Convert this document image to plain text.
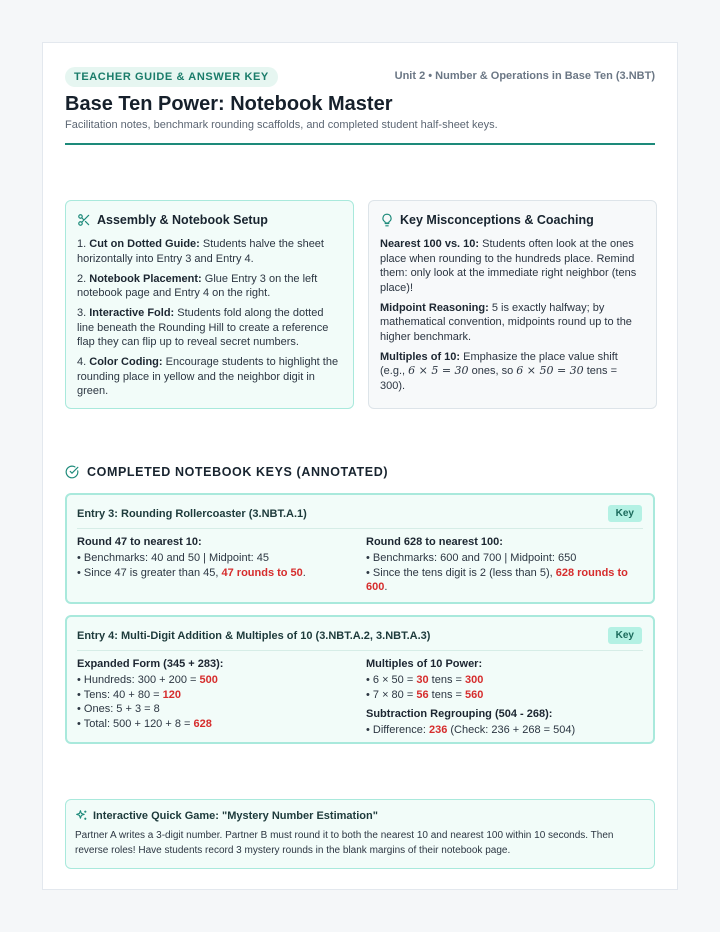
TEACHER GUIDE & ANSWER KEY	Unit 2 • Number & Operations in Base Ten (3.NBT)
Base Ten Power: Notebook Master
Facilitation notes, benchmark rounding scaffolds, and completed student half-sheet keys.
Assembly & Notebook Setup

1. Cut on Dotted Guide: Students halve the sheet horizontally into Entry 3 and Entry 4.

2. Notebook Placement: Glue Entry 3 on the left notebook page and Entry 4 on the right.

3. Interactive Fold: Students fold along the dotted line beneath the Rounding Hill to create a reference flap they can flip up to reveal secret numbers.

4. Color Coding: Encourage students to highlight the rounding place in yellow and the neighbor digit in green.

Key Misconceptions & Coaching

Nearest 100 vs. 10: Students often look at the ones place when rounding to the hundreds place. Remind them: only look at the immediate right neighbor (tens place)!

Midpoint Reasoning: 5 is exactly halfway; by mathematical convention, midpoints round up to the higher benchmark.

Multiples of 10: Emphasize the place value shift (e.g., 6 × 5 = 30 ones, so 6 × 50 = 30 tens = 300).

COMPLETED NOTEBOOK KEYS (ANNOTATED)
Entry 3: Rounding Rollercoaster (3.NBT.A.1)	Key
Round 47 to nearest 10:
• Benchmarks: 40 and 50 | Midpoint: 45
• Since 47 is greater than 45, 47 rounds to 50.
Round 628 to nearest 100:
• Benchmarks: 600 and 700 | Midpoint: 650
• Since the tens digit is 2 (less than 5), 628 rounds to 600.
Entry 4: Multi-Digit Addition & Multiples of 10 (3.NBT.A.2, 3.NBT.A.3)	Key
Expanded Form (345 + 283):
• Hundreds: 300 + 200 = 500
• Tens: 40 + 80 = 120
• Ones: 5 + 3 = 8
• Total: 500 + 120 + 8 = 628
Multiples of 10 Power:
• 6 × 50 = 30 tens = 300
• 7 × 80 = 56 tens = 560
Subtraction Regrouping (504 - 268):
• Difference: 236 (Check: 236 + 268 = 504)
Interactive Quick Game: "Mystery Number Estimation"
Partner A writes a 3-digit number. Partner B must round it to both the nearest 10 and nearest 100 within 10 seconds. Then reverse roles! Have students record 3 mystery rounds in the blank margins of their notebook page.
